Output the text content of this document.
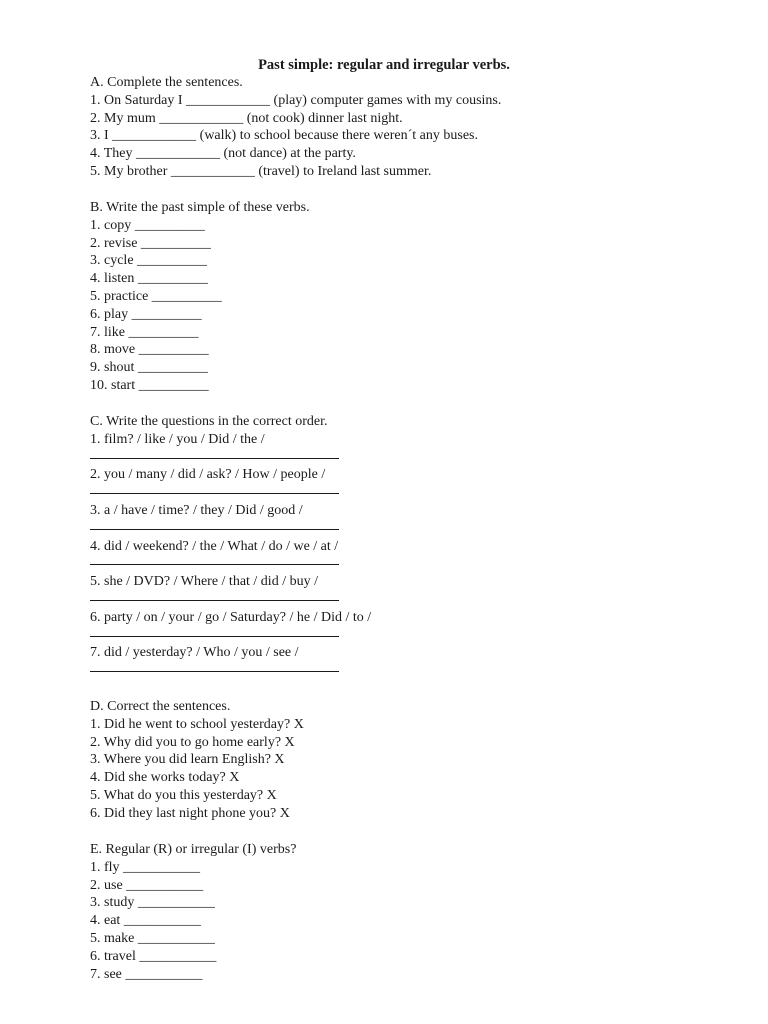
Past simple: regular and irregular verbs.
A. Complete the sentences.
1. On Saturday I ____________ (play) computer games with my cousins.
2. My mum ____________ (not cook) dinner last night.
3. I ____________ (walk) to school because there weren´t any buses.
4. They ____________ (not dance) at the party.
5. My brother ____________ (travel) to Ireland last summer.
B. Write the past simple of these verbs.
1. copy __________
2. revise __________
3. cycle __________
4. listen __________
5. practice __________
6. play __________
7. like __________
8. move __________
9. shout __________
10. start __________
C. Write the questions in the correct order.
1. film? / like / you / Did / the /
2. you / many / did / ask? / How / people /
3. a / have / time? / they / Did / good /
4. did / weekend? / the / What / do / we / at /
5. she / DVD? / Where / that / did / buy /
6. party / on / your / go / Saturday? / he / Did / to /
7. did / yesterday? / Who / you / see /
D. Correct the sentences.
1. Did he went to school yesterday? X
2. Why did you to go home early? X
3. Where you did learn English? X
4. Did she works today? X
5. What do you this yesterday? X
6. Did they last night phone you? X
E. Regular (R) or irregular (I) verbs?
1. fly ___________
2. use ___________
3. study ___________
4. eat ___________
5. make ___________
6. travel ___________
7. see ___________
